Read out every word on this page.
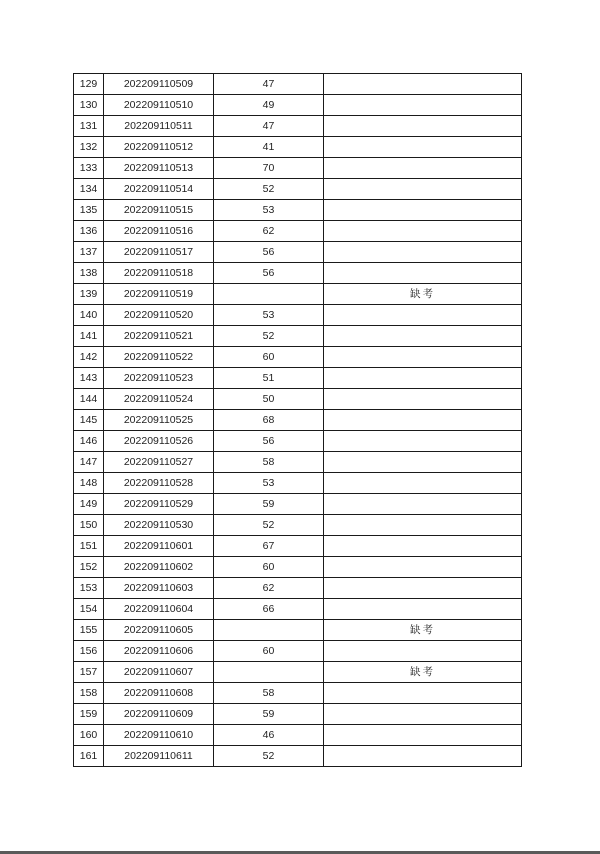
129	202209110509	47	
130	202209110510	49	
131	202209110511	47	
132	202209110512	41	
133	202209110513	70	
134	202209110514	52	
135	202209110515	53	
136	202209110516	62	
137	202209110517	56	
138	202209110518	56	
139	202209110519		缺考
140	202209110520	53	
141	202209110521	52	
142	202209110522	60	
143	202209110523	51	
144	202209110524	50	
145	202209110525	68	
146	202209110526	56	
147	202209110527	58	
148	202209110528	53	
149	202209110529	59	
150	202209110530	52	
151	202209110601	67	
152	202209110602	60	
153	202209110603	62	
154	202209110604	66	
155	202209110605		缺考
156	202209110606	60	
157	202209110607		缺考
158	202209110608	58	
159	202209110609	59	
160	202209110610	46	
161	202209110611	52	
